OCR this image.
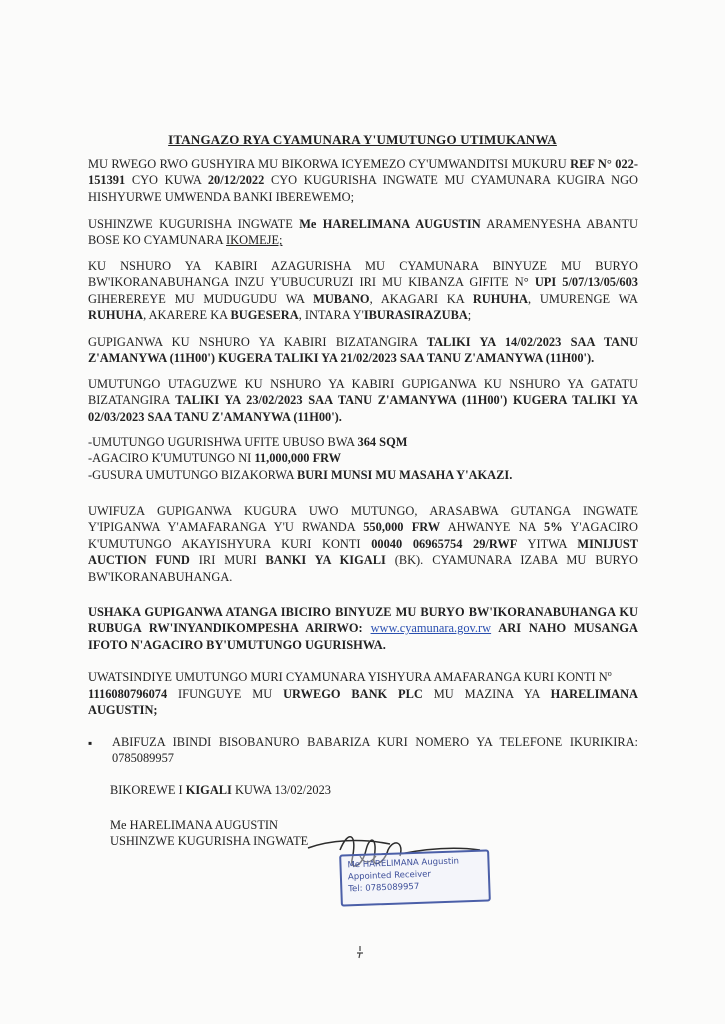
ITANGAZO RYA CYAMUNARA Y'UMUTUNGO UTIMUKANWA
MU RWEGO RWO GUSHYIRA MU BIKORWA ICYEMEZO CY'UMWANDITSI MUKURU REF N° 022-151391 CYO KUWA 20/12/2022 CYO KUGURISHA INGWATE MU CYAMUNARA KUGIRA NGO HISHYURWE UMWENDA BANKI IBEREWEMO;
USHINZWE KUGURISHA INGWATE Me HARELIMANA AUGUSTIN ARAMENYESHA ABANTU BOSE KO CYAMUNARA IKOMEJE;
KU NSHURO YA KABIRI AZAGURISHA MU CYAMUNARA BINYUZE MU BURYO BW'IKORANABUHANGA INZU Y'UBUCURUZI IRI MU KIBANZA GIFITE N° UPI 5/07/13/05/603 GIHEREREYE MU MUDUGUDU WA MUBANO, AKAGARI KA RUHUHA, UMURENGE WA RUHUHA, AKARERE KA BUGESERA, INTARA Y'IBURASIRAZUBA;
GUPIGANWA KU NSHURO YA KABIRI BIZATANGIRA TALIKI YA 14/02/2023 SAA TANU Z'AMANYWA (11H00') KUGERA TALIKI YA 21/02/2023 SAA TANU Z'AMANYWA (11H00').
UMUTUNGO UTAGUZWE KU NSHURO YA KABIRI GUPIGANWA KU NSHURO YA GATATU BIZATANGIRA TALIKI YA 23/02/2023 SAA TANU Z'AMANYWA (11H00') KUGERA TALIKI YA 02/03/2023 SAA TANU Z'AMANYWA (11H00').
-UMUTUNGO UGURISHWA UFITE UBUSO BWA 364 SQM
-AGACIRO K'UMUTUNGO NI 11,000,000 FRW
-GUSURA UMUTUNGO BIZAKORWA BURI MUNSI MU MASAHA Y'AKAZI.
UWIFUZA GUPIGANWA KUGURA UWO MUTUNGO, ARASABWA GUTANGA INGWATE Y'IPIGANWA Y'AMAFARANGA Y'U RWANDA 550,000 FRW AHWANYE NA 5% Y'AGACIRO K'UMUTUNGO AKAYISHYURA KURI KONTI 00040 06965754 29/RWF YITWA MINIJUST AUCTION FUND IRI MURI BANKI YA KIGALI (BK). CYAMUNARA IZABA MU BURYO BW'IKORANABUHANGA.
USHAKA GUPIGANWA ATANGA IBICIRO BINYUZE MU BURYO BW'IKORANABUHANGA KU RUBUGA RW'INYANDIKOMPESHA ARIRWO: www.cyamunara.gov.rw ARI NAHO MUSANGA IFOTO N'AGACIRO BY'UMUTUNGO UGURISHWA.
UWATSINDIYE UMUTUNGO MURI CYAMUNARA YISHYURA AMAFARANGA KURI KONTI $N^o$
1116080796074 IFUNGUYE MU URWEGO BANK PLC MU MAZINA YA HARELIMANA AUGUSTIN;
▪ ABIFUZA IBINDI BISOBANURO BABARIZA KURI NOMERO YA TELEFONE IKURIKIRA: 0785089957
BIKOREWE I KIGALI KUWA 13/02/2023
Me HARELIMANA AUGUSTIN
USHINZWE KUGURISHA INGWATE
Me HARELIMANA Augustin
Appointed Receiver
Tel: 0785089957
